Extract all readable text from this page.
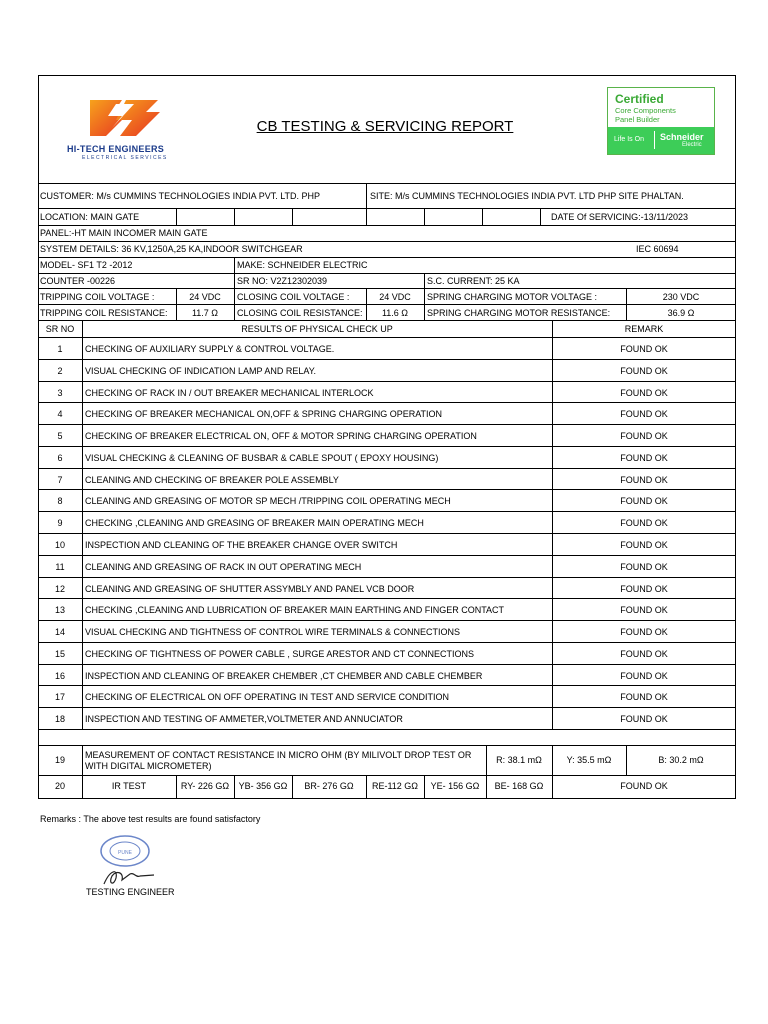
HI-TECH ENGINEERS
ELECTRICAL SERVICES
CB TESTING & SERVICING REPORT
Certified
Core Components
Panel Builder
Life Is On Schneider
Electric
CUSTOMER: M/s CUMMINS TECHNOLOGIES INDIA PVT. LTD. PHP	SITE: M/s CUMMINS TECHNOLOGIES INDIA PVT. LTD PHP SITE PHALTAN.
LOCATION: MAIN GATE	DATE Of SERVICING:-13/11/2023
PANEL:-HT MAIN INCOMER MAIN GATE
SYSTEM DETAILS: 36 KV,1250A,25 KA,INDOOR SWITCHGEAR	IEC 60694
MODEL- SF1 T2 -2012	MAKE: SCHNEIDER ELECTRIC
COUNTER -00226	SR NO: V2Z12302039	S.C. CURRENT: 25 KA
TRIPPING COIL VOLTAGE :	24 VDC	CLOSING COIL VOLTAGE :	24 VDC	SPRING CHARGING MOTOR VOLTAGE :	230 VDC
TRIPPING COIL RESISTANCE:	11.7 Ω	CLOSING COIL RESISTANCE:	11.6 Ω	SPRING CHARGING MOTOR RESISTANCE:	36.9 Ω
SR NO	RESULTS OF PHYSICAL CHECK UP	REMARK
1	CHECKING OF AUXILIARY SUPPLY & CONTROL VOLTAGE.	FOUND OK
2	VISUAL CHECKING OF INDICATION LAMP AND RELAY.	FOUND OK
3	CHECKING OF RACK IN / OUT BREAKER MECHANICAL INTERLOCK	FOUND OK
4	CHECKING OF BREAKER MECHANICAL ON,OFF & SPRING CHARGING OPERATION	FOUND OK
5	CHECKING OF BREAKER ELECTRICAL ON, OFF & MOTOR SPRING CHARGING OPERATION	FOUND OK
6	VISUAL CHECKING & CLEANING OF BUSBAR & CABLE SPOUT ( EPOXY HOUSING)	FOUND OK
7	CLEANING AND CHECKING OF BREAKER POLE ASSEMBLY	FOUND OK
8	CLEANING AND GREASING OF MOTOR SP MECH /TRIPPING COIL OPERATING MECH	FOUND OK
9	CHECKING ,CLEANING AND GREASING OF BREAKER MAIN OPERATING MECH	FOUND OK
10	INSPECTION AND CLEANING OF THE BREAKER CHANGE OVER SWITCH	FOUND OK
11	CLEANING AND GREASING OF RACK IN OUT OPERATING MECH	FOUND OK
12	CLEANING AND GREASING OF SHUTTER ASSYMBLY AND PANEL VCB DOOR	FOUND OK
13	CHECKING ,CLEANING AND LUBRICATION OF BREAKER MAIN EARTHING AND FINGER CONTACT	FOUND OK
14	VISUAL CHECKING AND TIGHTNESS OF CONTROL WIRE TERMINALS & CONNECTIONS	FOUND OK
15	CHECKING OF TIGHTNESS OF POWER CABLE , SURGE ARESTOR AND CT CONNECTIONS	FOUND OK
16	INSPECTION AND CLEANING OF BREAKER CHEMBER ,CT CHEMBER AND CABLE CHEMBER	FOUND OK
17	CHECKING OF ELECTRICAL ON OFF OPERATING IN TEST AND SERVICE CONDITION	FOUND OK
18	INSPECTION AND TESTING OF AMMETER,VOLTMETER AND ANNUCIATOR	FOUND OK
19	MEASUREMENT OF CONTACT RESISTANCE IN MICRO OHM (BY MILIVOLT DROP TEST OR
WITH DIGITAL MICROMETER)
R: 38.1 mΩ	Y: 35.5 mΩ	B: 30.2 mΩ
20	IR TEST	RY- 226 GΩ	YB- 356 GΩ	BR- 276 GΩ	RE-112 GΩ	YE- 156 GΩ	BE- 168 GΩ	FOUND OK
Remarks : The above test results are found satisfactory
PUNE
TESTING ENGINEER
